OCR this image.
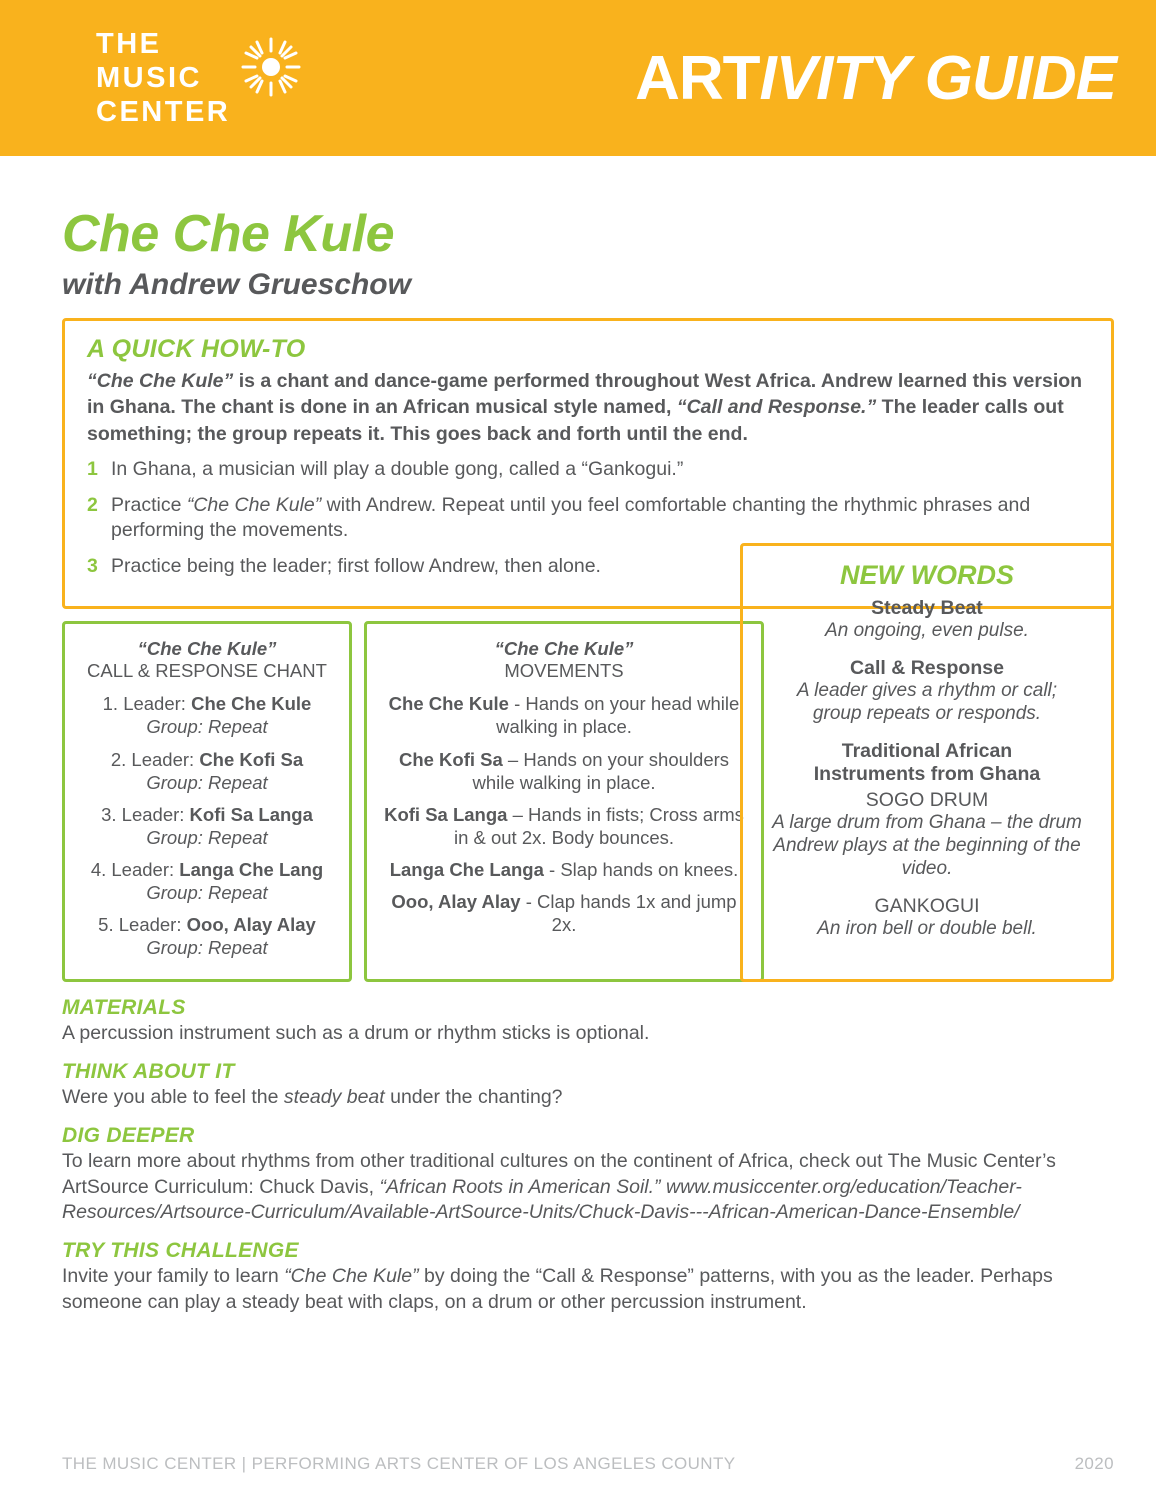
THE
MUSIC
CENTER	ARTIVITY GUIDE
Che Che Kule
with Andrew Grueschow
A QUICK HOW-TO

“Che Che Kule” is a chant and dance-game performed throughout West Africa. Andrew learned this version in Ghana. The chant is done in an African musical style named, “Call and Response.” The leader calls out something; the group repeats it. This goes back and forth until the end.

1 In Ghana, a musician will play a double gong, called a “Gankogui.”
2 Practice “Che Che Kule” with Andrew. Repeat until you feel comfortable chanting the rhythmic phrases and performing the movements.
3 Practice being the leader; first follow Andrew, then alone.
“Che Che Kule”
CALL & RESPONSE CHANT
1. Leader: Che Che Kule
Group: Repeat
2. Leader: Che Kofi Sa
Group: Repeat
3. Leader: Kofi Sa Langa
Group: Repeat
4. Leader: Langa Che Lang
Group: Repeat
5. Leader: Ooo, Alay Alay
Group: Repeat
“Che Che Kule”
MOVEMENTS
Che Che Kule - Hands on your head while walking in place.
Che Kofi Sa – Hands on your shoulders while walking in place.
Kofi Sa Langa – Hands in fists; Cross arms in & out 2x. Body bounces.
Langa Che Langa - Slap hands on knees.
Ooo, Alay Alay - Clap hands 1x and jump 2x.
NEW WORDS
Steady Beat
An ongoing, even pulse.
Call & Response
A leader gives a rhythm or call;
group repeats or responds.
Traditional African
Instruments from Ghana
SOGO DRUM
A large drum from Ghana – the drum Andrew plays at the beginning of the video.
GANKOGUI
An iron bell or double bell.
MATERIALS

A percussion instrument such as a drum or rhythm sticks is optional.

THINK ABOUT IT

Were you able to feel the steady beat under the chanting?

DIG DEEPER

To learn more about rhythms from other traditional cultures on the continent of Africa, check out The Music Center’s ArtSource Curriculum: Chuck Davis, “African Roots in American Soil.” www.musiccenter.org/education/Teacher-Resources/Artsource-Curriculum/Available-ArtSource-Units/Chuck-Davis---African-American-Dance-Ensemble/

TRY THIS CHALLENGE

Invite your family to learn “Che Che Kule” by doing the “Call & Response” patterns, with you as the leader. Perhaps someone can play a steady beat with claps, on a drum or other percussion instrument.

THE MUSIC CENTER | PERFORMING ARTS CENTER OF LOS ANGELES COUNTY	2020
